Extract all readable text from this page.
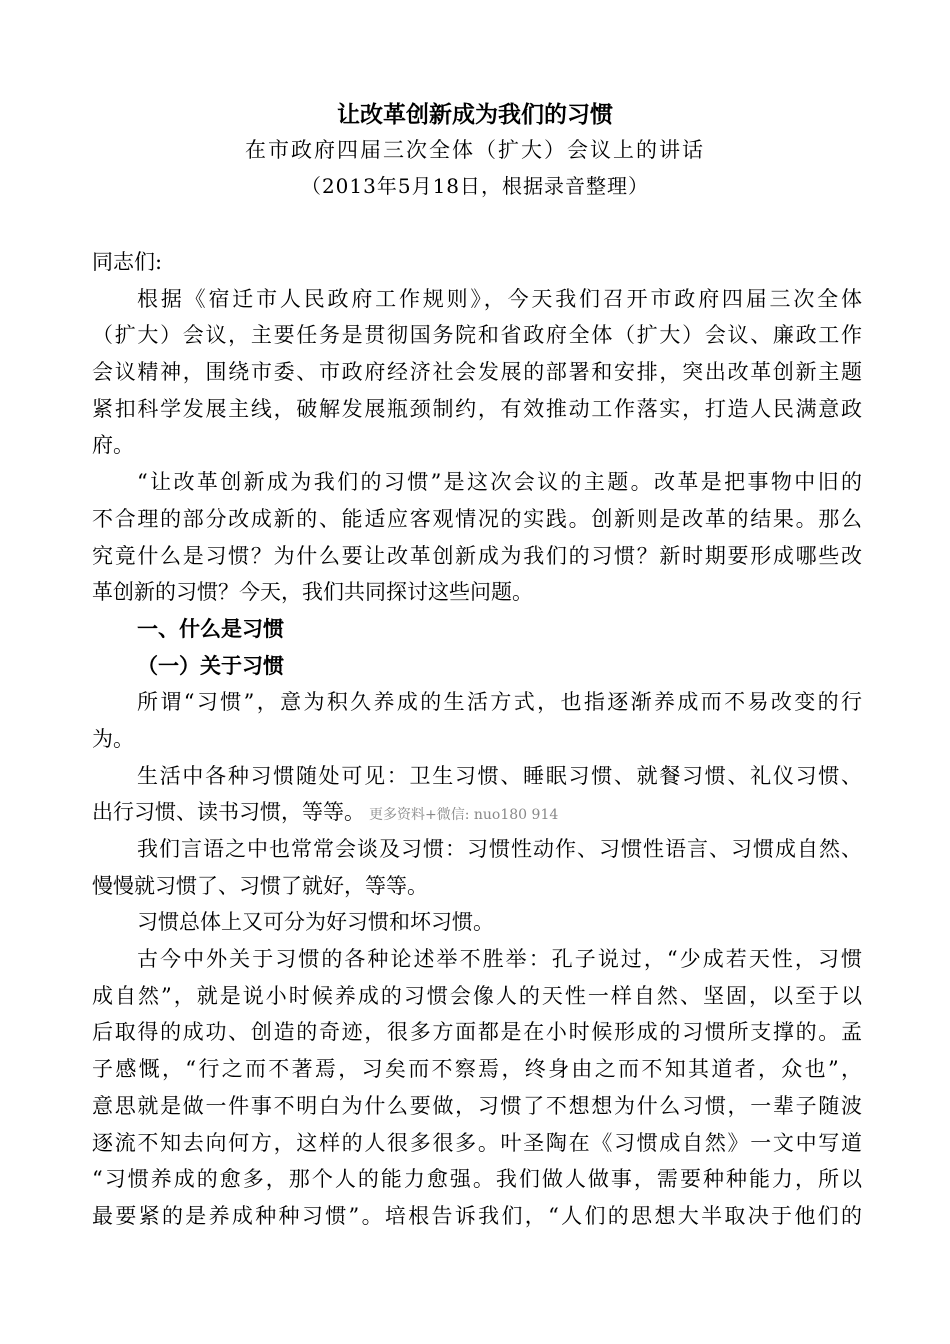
让改革创新成为我们的习惯
在市政府四届三次全体（扩大）会议上的讲话
（2013年5月18日，根据录音整理）
同志们:
根据《宿迁市人民政府工作规则》，今天我们召开市政府四届三次全体
（扩大）会议，主要任务是贯彻国务院和省政府全体（扩大）会议、廉政工作
会议精神，围绕市委、市政府经济社会发展的部署和安排，突出改革创新主题
紧扣科学发展主线，破解发展瓶颈制约，有效推动工作落实，打造人民满意政
府。
“让改革创新成为我们的习惯”是这次会议的主题。改革是把事物中旧的
不合理的部分改成新的、能适应客观情况的实践。创新则是改革的结果。那么
究竟什么是习惯？为什么要让改革创新成为我们的习惯？新时期要形成哪些改
革创新的习惯？今天，我们共同探讨这些问题。
一、什么是习惯
（一）关于习惯
所谓“习惯”，意为积久养成的生活方式，也指逐渐养成而不易改变的行
为。
生活中各种习惯随处可见：卫生习惯、睡眠习惯、就餐习惯、礼仪习惯、
出行习惯、读书习惯，等等。 更多资料+微信: nuo180 914
我们言语之中也常常会谈及习惯：习惯性动作、习惯性语言、习惯成自然、
慢慢就习惯了、习惯了就好，等等。
习惯总体上又可分为好习惯和坏习惯。
古今中外关于习惯的各种论述举不胜举：孔子说过，“少成若天性，习惯
成自然”，就是说小时候养成的习惯会像人的天性一样自然、坚固，以至于以
后取得的成功、创造的奇迹，很多方面都是在小时候形成的习惯所支撑的。孟
子感慨，“行之而不著焉，习矣而不察焉，终身由之而不知其道者，众也”，
意思就是做一件事不明白为什么要做，习惯了不想想为什么习惯，一辈子随波
逐流不知去向何方，这样的人很多很多。叶圣陶在《习惯成自然》一文中写道
“习惯养成的愈多，那个人的能力愈强。我们做人做事，需要种种能力，所以
最要紧的是养成种种习惯”。培根告诉我们，“人们的思想大半取决于他们的
